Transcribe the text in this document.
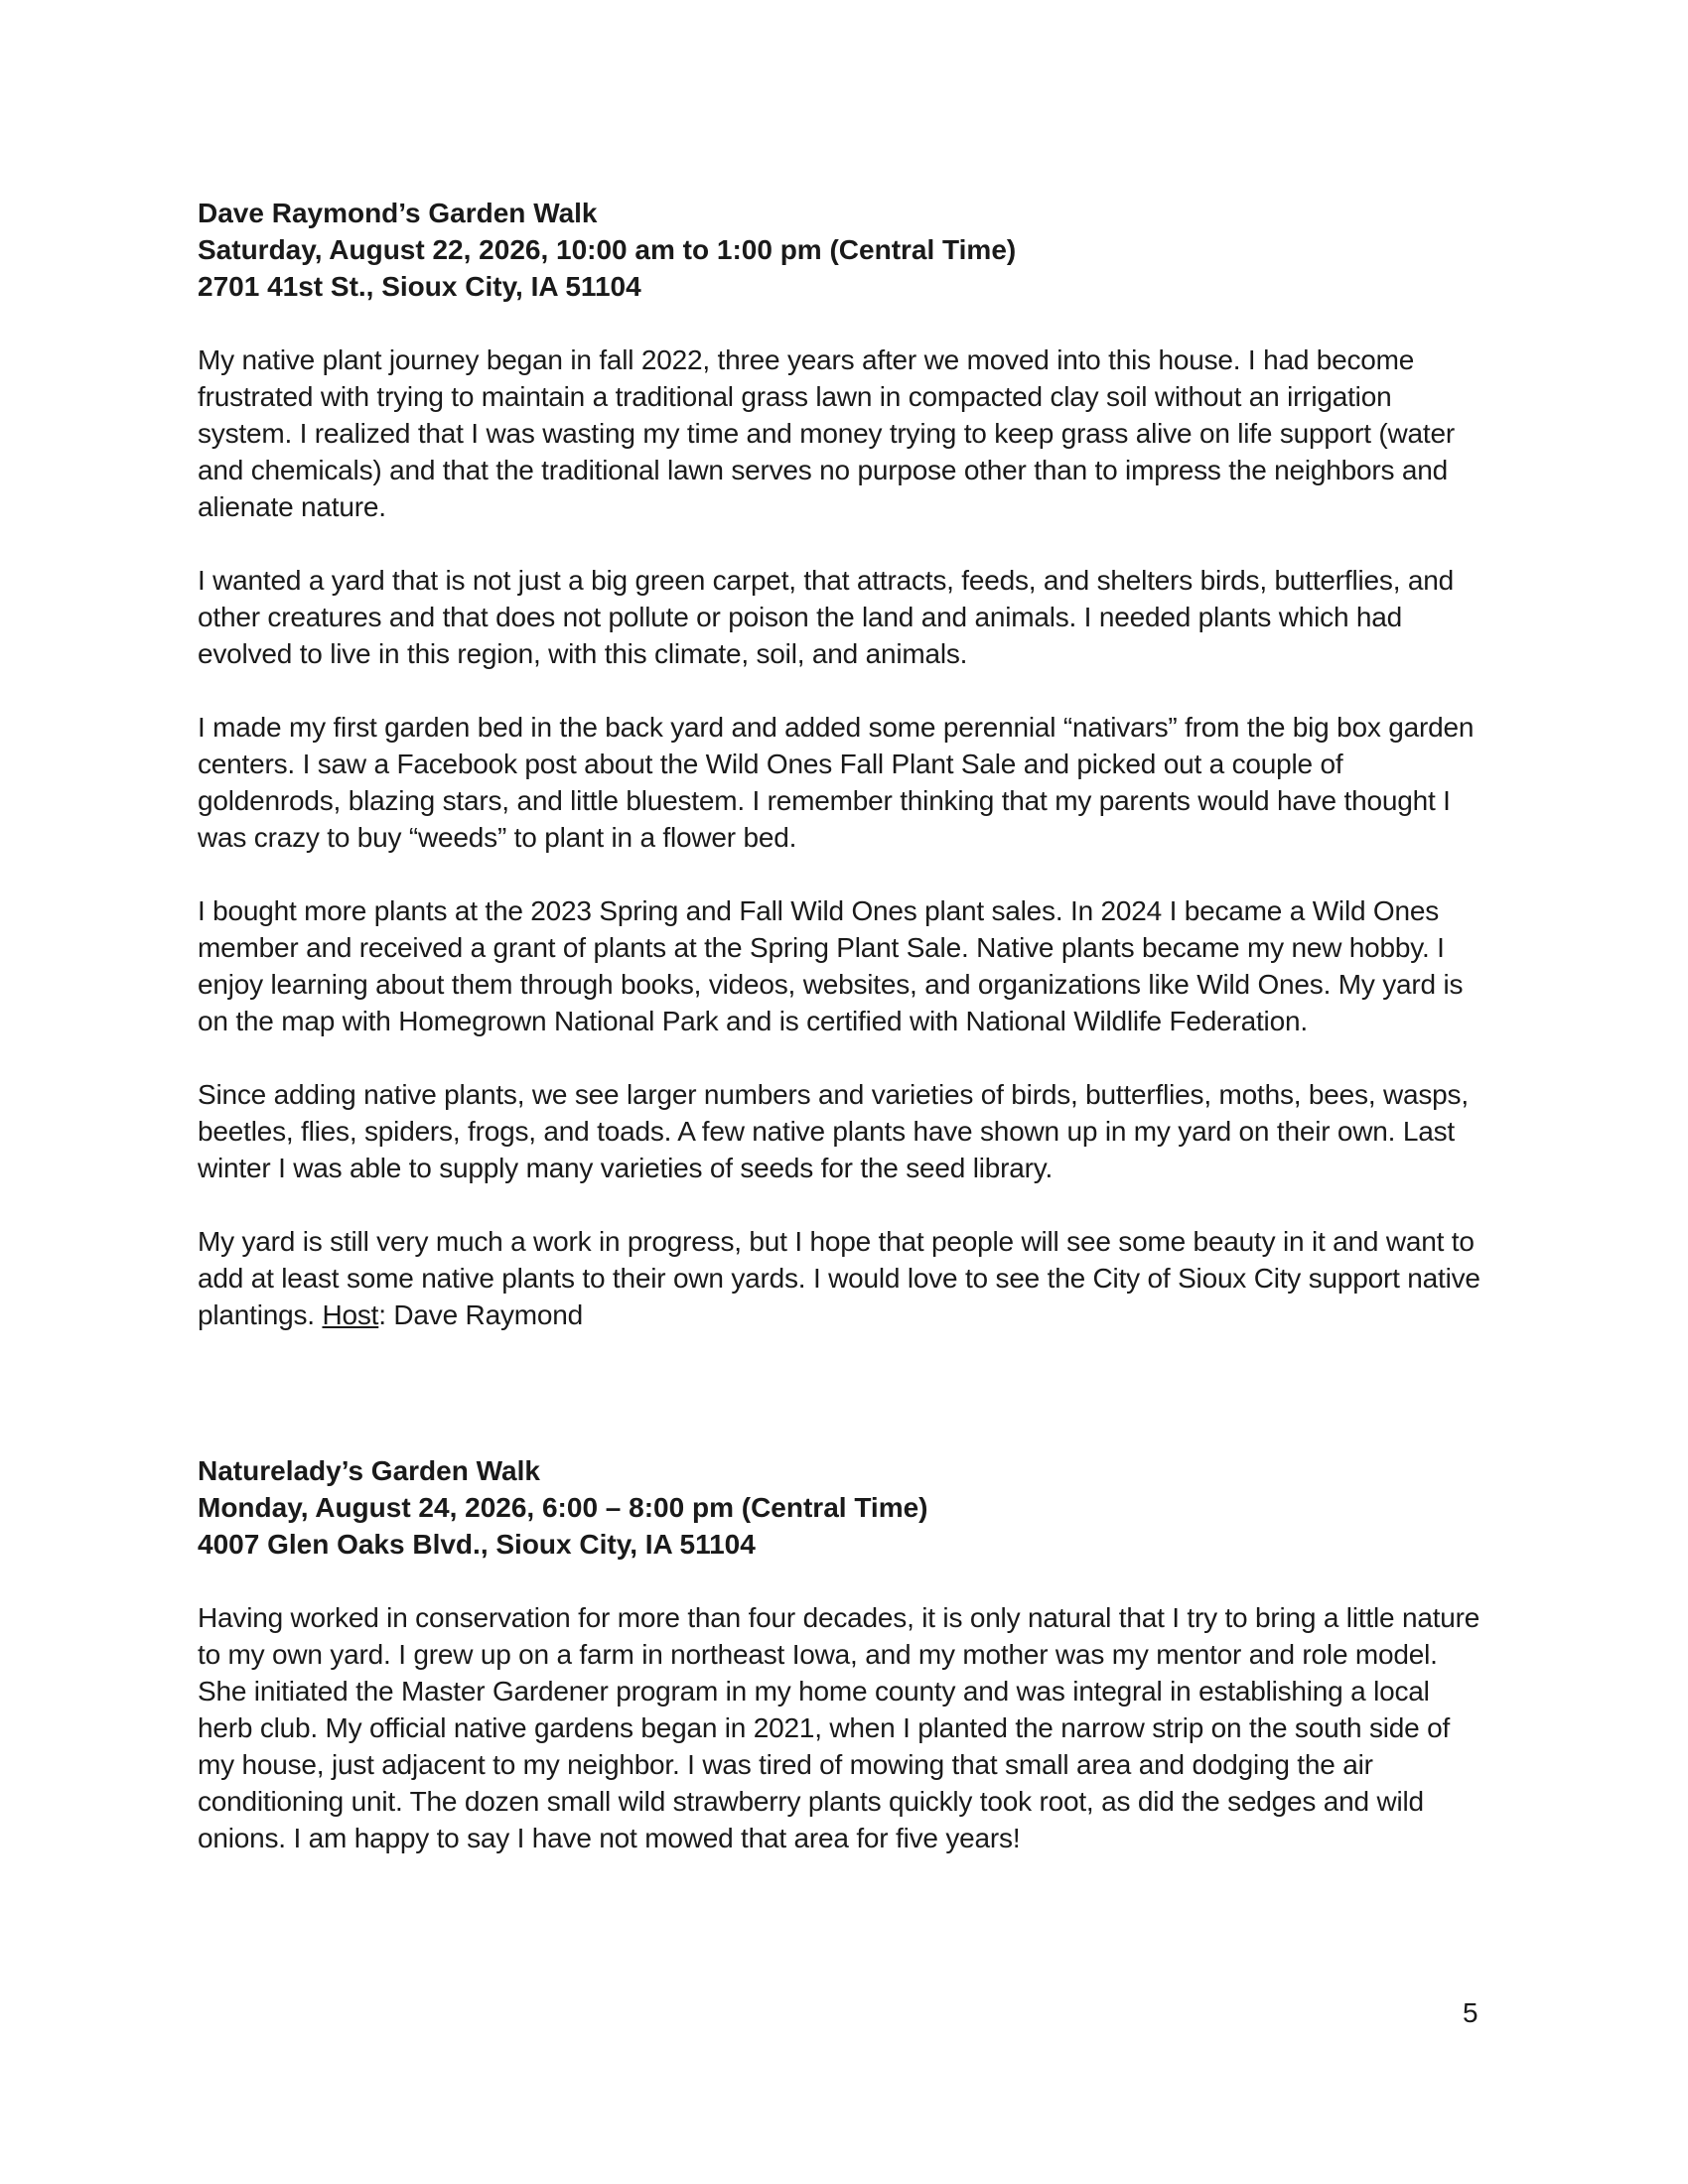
Dave Raymond’s Garden Walk

Saturday, August 22, 2026, 10:00 am to 1:00 pm (Central Time)

2701 41st St., Sioux City, IA 51104

My native plant journey began in fall 2022, three years after we moved into this house. I had become frustrated with trying to maintain a traditional grass lawn in compacted clay soil without an irrigation system. I realized that I was wasting my time and money trying to keep grass alive on life support (water and chemicals) and that the traditional lawn serves no purpose other than to impress the neighbors and alienate nature.

I wanted a yard that is not just a big green carpet, that attracts, feeds, and shelters birds, butterflies, and other creatures and that does not pollute or poison the land and animals. I needed plants which had evolved to live in this region, with this climate, soil, and animals.

I made my first garden bed in the back yard and added some perennial “nativars” from the big box garden centers. I saw a Facebook post about the Wild Ones Fall Plant Sale and picked out a couple of goldenrods, blazing stars, and little bluestem. I remember thinking that my parents would have thought I was crazy to buy “weeds” to plant in a flower bed.

I bought more plants at the 2023 Spring and Fall Wild Ones plant sales. In 2024 I became a Wild Ones member and received a grant of plants at the Spring Plant Sale. Native plants became my new hobby. I enjoy learning about them through books, videos, websites, and organizations like Wild Ones. My yard is on the map with Homegrown National Park and is certified with National Wildlife Federation.

Since adding native plants, we see larger numbers and varieties of birds, butterflies, moths, bees, wasps, beetles, flies, spiders, frogs, and toads. A few native plants have shown up in my yard on their own. Last winter I was able to supply many varieties of seeds for the seed library.

My yard is still very much a work in progress, but I hope that people will see some beauty in it and want to add at least some native plants to their own yards. I would love to see the City of Sioux City support native plantings. Host: Dave Raymond

Naturelady’s Garden Walk

Monday, August 24, 2026, 6:00 – 8:00 pm (Central Time)

4007 Glen Oaks Blvd., Sioux City, IA 51104

Having worked in conservation for more than four decades, it is only natural that I try to bring a little nature to my own yard. I grew up on a farm in northeast Iowa, and my mother was my mentor and role model. She initiated the Master Gardener program in my home county and was integral in establishing a local herb club. My official native gardens began in 2021, when I planted the narrow strip on the south side of my house, just adjacent to my neighbor. I was tired of mowing that small area and dodging the air conditioning unit. The dozen small wild strawberry plants quickly took root, as did the sedges and wild onions. I am happy to say I have not mowed that area for five years!

5
